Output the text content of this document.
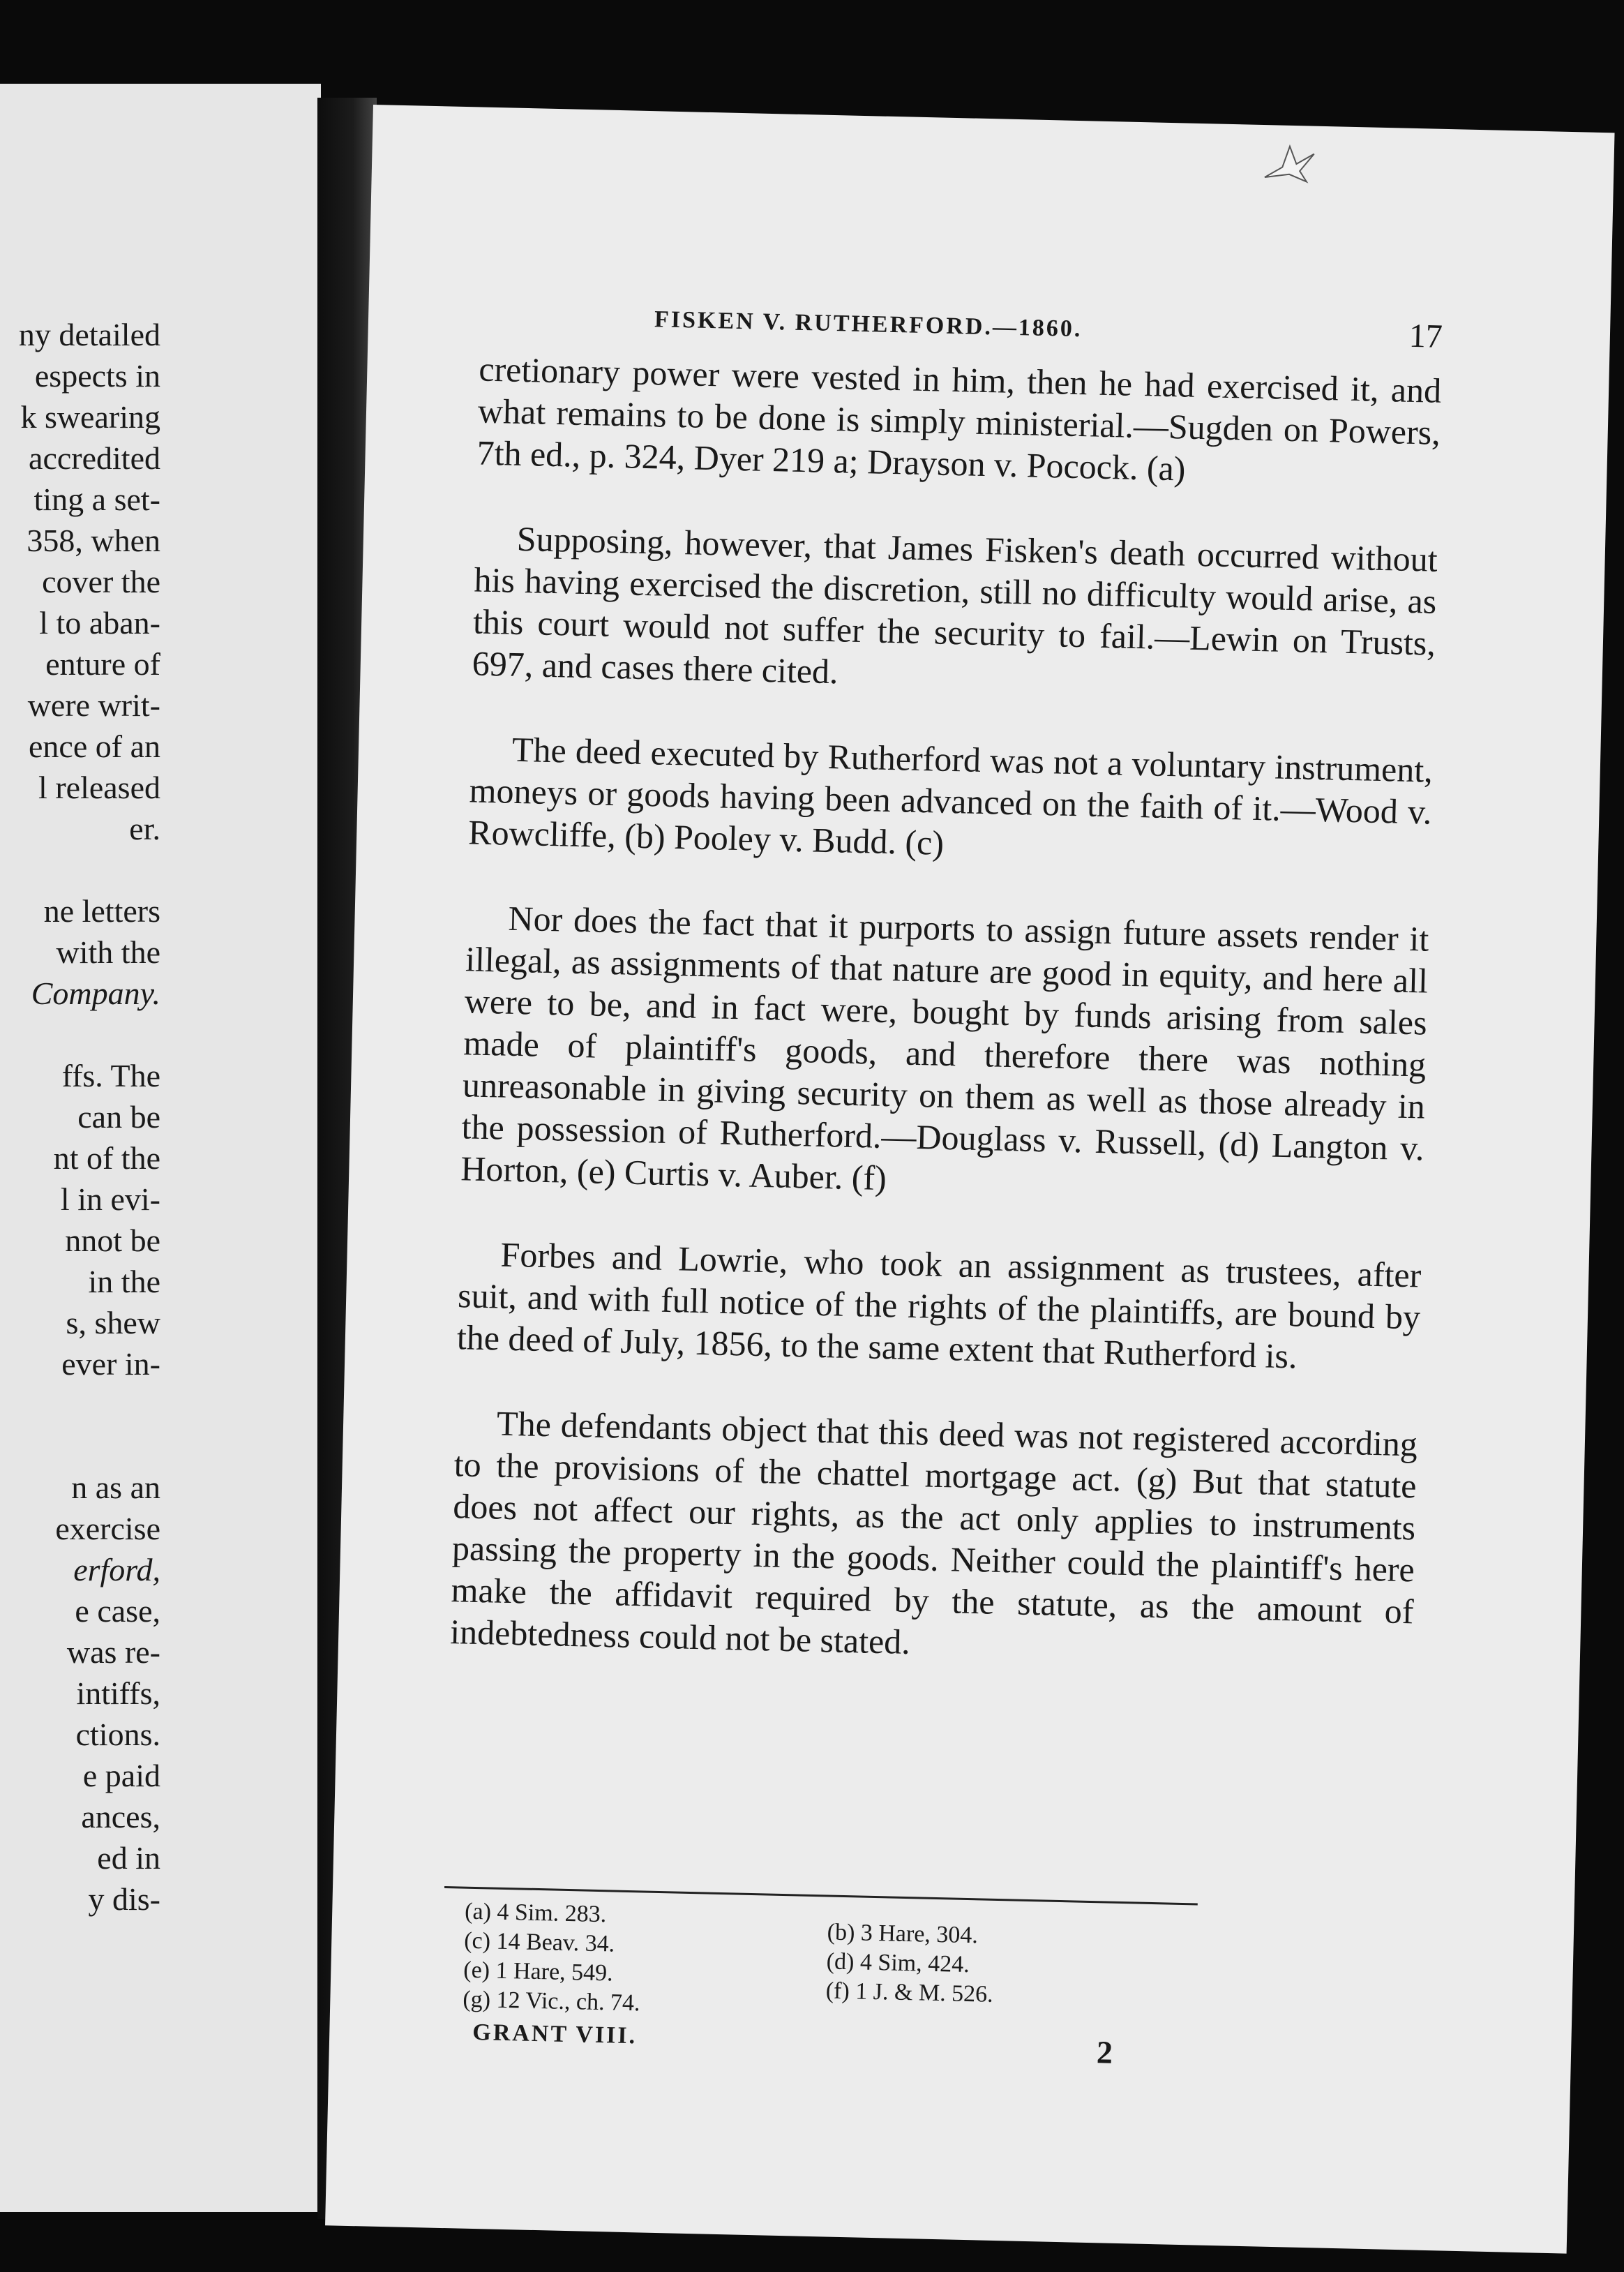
ny detailed
espects in
k swearing
accredited
ting a set-
358, when
cover the
l to aban-
enture of
were writ-
ence of an
l released
er.
ne letters
with the
Company.
ffs. The
can be
nt of the
l in evi-
nnot be
in the
s, shew
ever in-
n as an
exercise
erford,
e case,
was re-
intiffs,
ctions.
e paid
ances,
ed in
y dis-
FISKEN V. RUTHERFORD.—1860.	17

cretionary power were vested in him, then he had exercised it, and what remains to be done is simply ministerial.—Sugden on Powers, 7th ed., p. 324, Dyer 219 a; Drayson v. Pocock. (a)

Supposing, however, that James Fisken's death occurred without his having exercised the discretion, still no difficulty would arise, as this court would not suffer the security to fail.—Lewin on Trusts, 697, and cases there cited.

The deed executed by Rutherford was not a voluntary instrument, moneys or goods having been advanced on the faith of it.—Wood v. Rowcliffe, (b) Pooley v. Budd. (c)

Nor does the fact that it purports to assign future assets render it illegal, as assignments of that nature are good in equity, and here all were to be, and in fact were, bought by funds arising from sales made of plaintiff's goods, and therefore there was nothing unreasonable in giving security on them as well as those already in the possession of Rutherford.—Douglass v. Russell, (d) Langton v. Horton, (e) Curtis v. Auber. (f)

Forbes and Lowrie, who took an assignment as trustees, after suit, and with full notice of the rights of the plaintiffs, are bound by the deed of July, 1856, to the same extent that Rutherford is.

The defendants object that this deed was not registered according to the provisions of the chattel mortgage act. (g) But that statute does not affect our rights, as the act only applies to instruments passing the property in the goods. Neither could the plaintiff's here make the affidavit required by the statute, as the amount of indebtedness could not be stated.

(a) 4 Sim. 283.
(c) 14 Beav. 34.
(e) 1 Hare, 549.
(g) 12 Vic., ch. 74.
(b) 3 Hare, 304.
(d) 4 Sim, 424.
(f) 1 J. & M. 526.
GRANT VIII.
2
